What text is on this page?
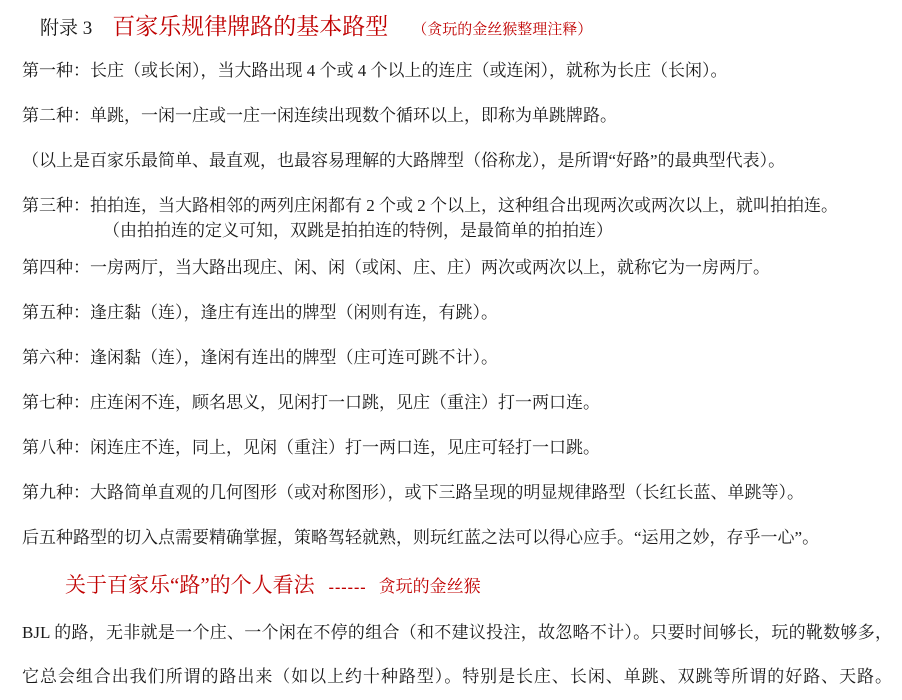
附录 3 百家乐规律牌路的基本路型 （贪玩的金丝猴整理注释）
第一种：长庄（或长闲），当大路出现 4 个或 4 个以上的连庄（或连闲），就称为长庄（长闲）。
第二种：单跳，一闲一庄或一庄一闲连续出现数个循环以上，即称为单跳牌路。
（以上是百家乐最简单、最直观，也最容易理解的大路牌型（俗称龙），是所谓“好路”的最典型代表）。
第三种：拍拍连，当大路相邻的两列庄闲都有 2 个或 2 个以上，这种组合出现两次或两次以上，就叫拍拍连。
（由拍拍连的定义可知，双跳是拍拍连的特例，是最简单的拍拍连）
第四种：一房两厅，当大路出现庄、闲、闲（或闲、庄、庄）两次或两次以上，就称它为一房两厅。
第五种：逢庄黏（连），逢庄有连出的牌型（闲则有连，有跳）。
第六种：逢闲黏（连），逢闲有连出的牌型（庄可连可跳不计）。
第七种：庄连闲不连，顾名思义，见闲打一口跳，见庄（重注）打一两口连。
第八种：闲连庄不连，同上，见闲（重注）打一两口连，见庄可轻打一口跳。
第九种：大路简单直观的几何图形（或对称图形），或下三路呈现的明显规律路型（长红长蓝、单跳等）。
后五种路型的切入点需要精确掌握，策略驾轻就熟，则玩红蓝之法可以得心应手。“运用之妙，存乎一心”。
关于百家乐“路”的个人看法 ------ 贪玩的金丝猴
BJL 的路，无非就是一个庄、一个闲在不停的组合（和不建议投注，故忽略不计）。只要时间够长，玩的靴数够多，
它总会组合出我们所谓的路出来（如以上约十种路型）。特别是长庄、长闲、单跳、双跳等所谓的好路、天路。
